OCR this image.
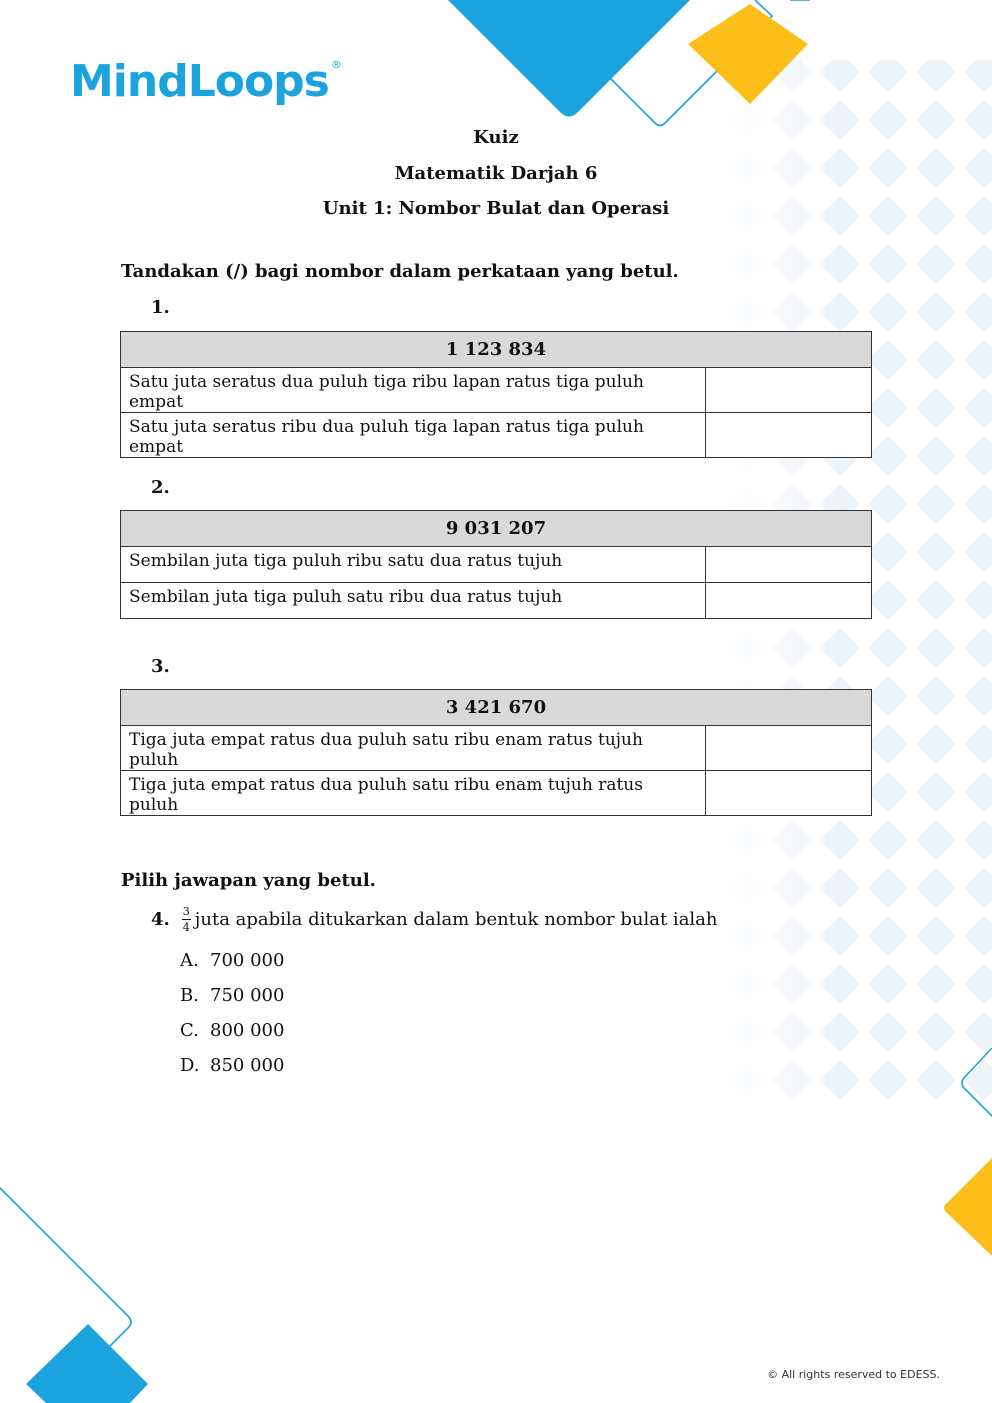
MindLoops ®
Kuiz
Matematik Darjah 6
Unit 1: Nombor Bulat dan Operasi
Tandakan (/) bagi nombor dalam perkataan yang betul.
1.
1 123 834	
Satu juta seratus dua puluh tiga ribu lapan ratus tiga puluh empat	
Satu juta seratus ribu dua puluh tiga lapan ratus tiga puluh empat	
2.
9 031 207	
Sembilan juta tiga puluh ribu satu dua ratus tujuh	
Sembilan juta tiga puluh satu ribu dua ratus tujuh	
3.
3 421 670	
Tiga juta empat ratus dua puluh satu ribu enam ratus tujuh puluh	
Tiga juta empat ratus dua puluh satu ribu enam tujuh ratus puluh	
Pilih jawapan yang betul.
4. $\frac{3}{4}$ juta apabila ditukarkan dalam bentuk nombor bulat ialah
A. 700 000
B. 750 000
C. 800 000
D. 850 000
© All rights reserved to EDESS.
